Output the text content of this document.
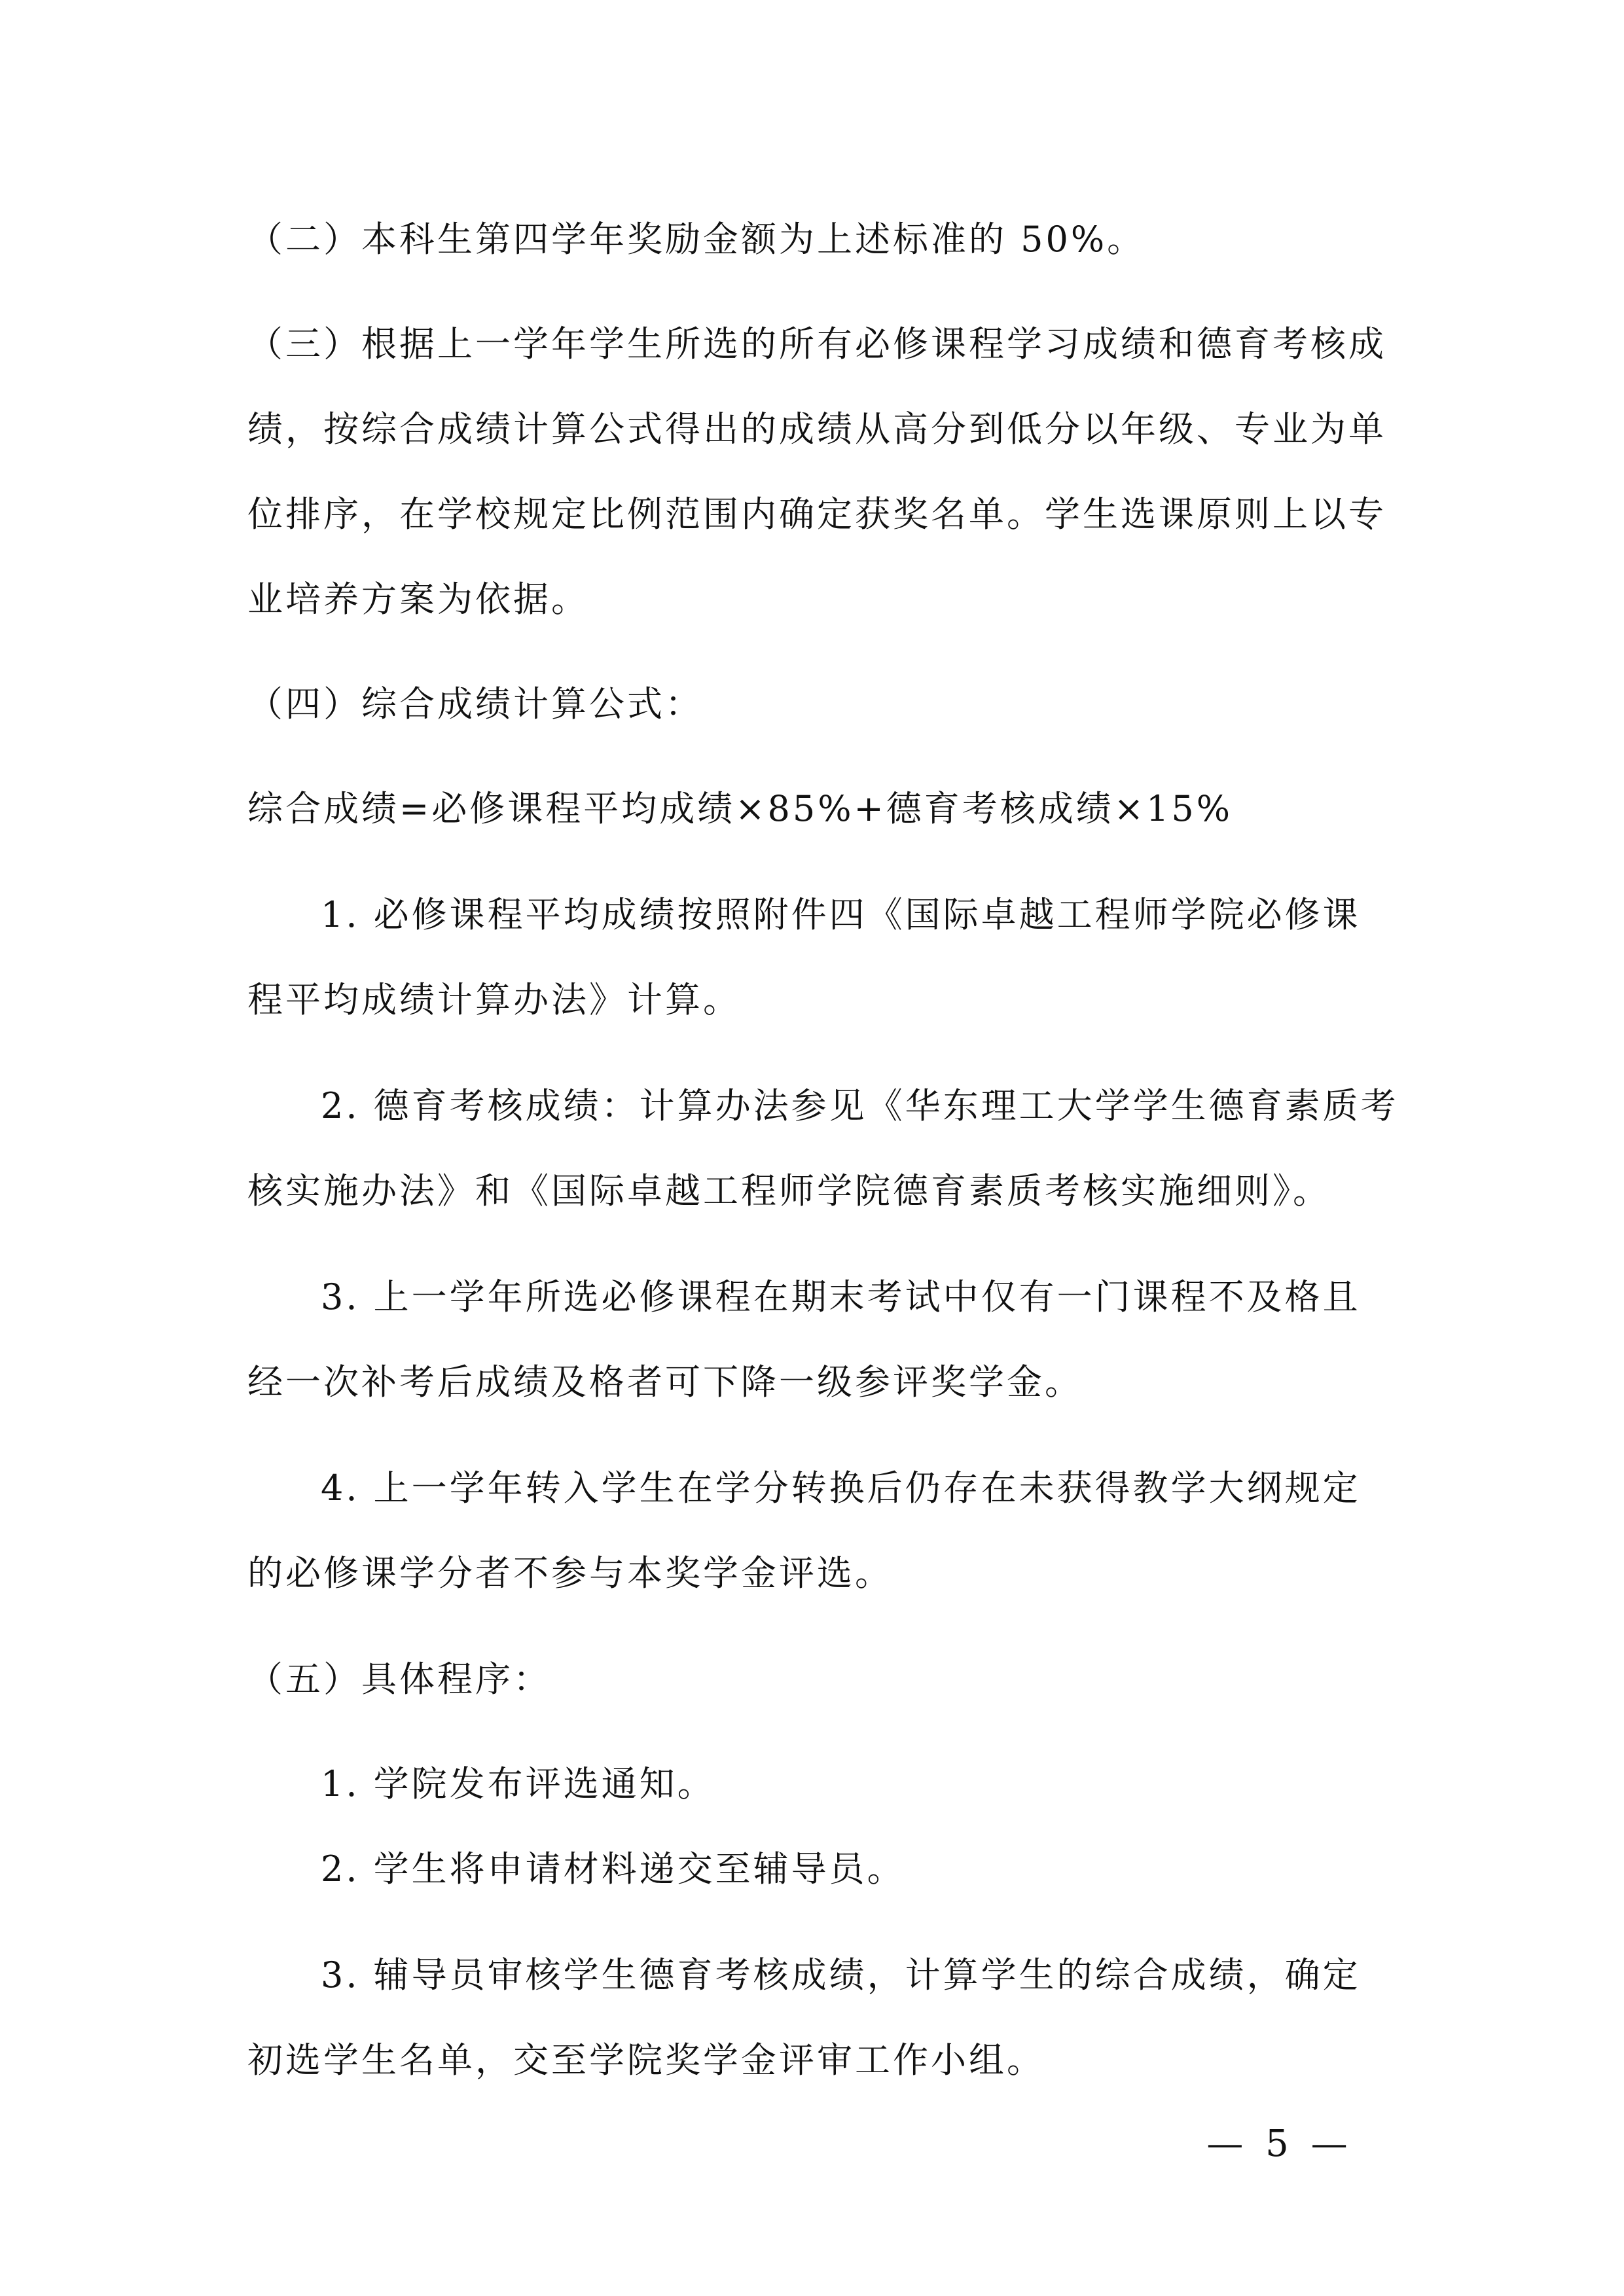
（二）本科生第四学年奖励金额为上述标准的 50%。
（三）根据上一学年学生所选的所有必修课程学习成绩和德育考核成
绩，按综合成绩计算公式得出的成绩从高分到低分以年级、专业为单
位排序，在学校规定比例范围内确定获奖名单。学生选课原则上以专
业培养方案为依据。
（四）综合成绩计算公式：
综合成绩=必修课程平均成绩×85%+德育考核成绩×15%
1. 必修课程平均成绩按照附件四《国际卓越工程师学院必修课
程平均成绩计算办法》计算。
2. 德育考核成绩：计算办法参见《华东理工大学学生德育素质考
核实施办法》和《国际卓越工程师学院德育素质考核实施细则》。
3. 上一学年所选必修课程在期末考试中仅有一门课程不及格且
经一次补考后成绩及格者可下降一级参评奖学金。
4. 上一学年转入学生在学分转换后仍存在未获得教学大纲规定
的必修课学分者不参与本奖学金评选。
（五）具体程序：
1. 学院发布评选通知。
2. 学生将申请材料递交至辅导员。
3. 辅导员审核学生德育考核成绩，计算学生的综合成绩，确定
初选学生名单，交至学院奖学金评审工作小组。
— 5 —
